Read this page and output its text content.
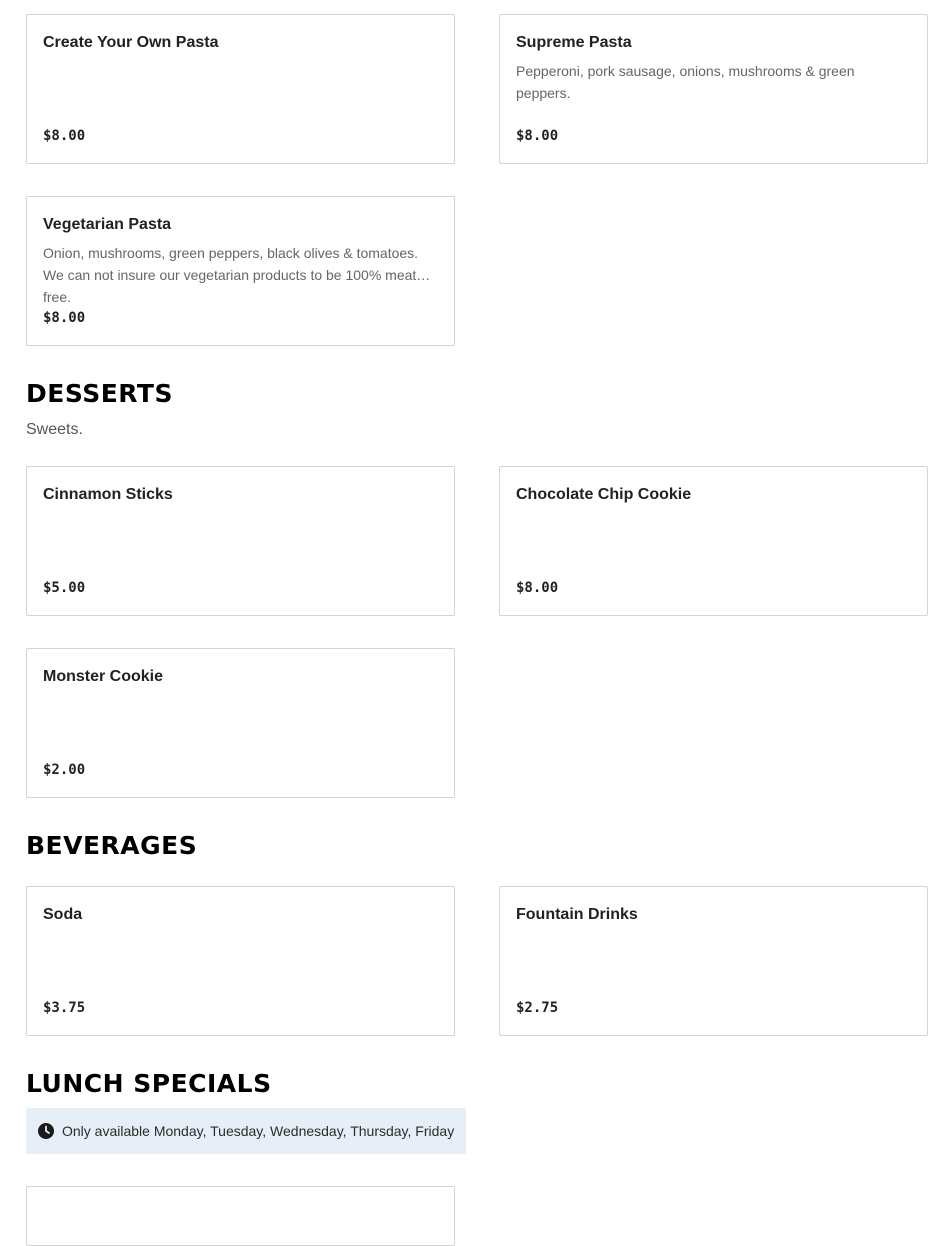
Create Your Own Pasta
$8.00
Supreme Pasta
Pepperoni, pork sausage, onions, mushrooms & green peppers.
$8.00
Vegetarian Pasta
Onion, mushrooms, green peppers, black olives & tomatoes. We can not insure our vegetarian products to be 100% meat free.
$8.00
DESSERTS
Sweets.
Cinnamon Sticks
$5.00
Chocolate Chip Cookie
$8.00
Monster Cookie
$2.00
BEVERAGES
Soda
$3.75
Fountain Drinks
$2.75
LUNCH SPECIALS
Only available Monday, Tuesday, Wednesday, Thursday, Friday
